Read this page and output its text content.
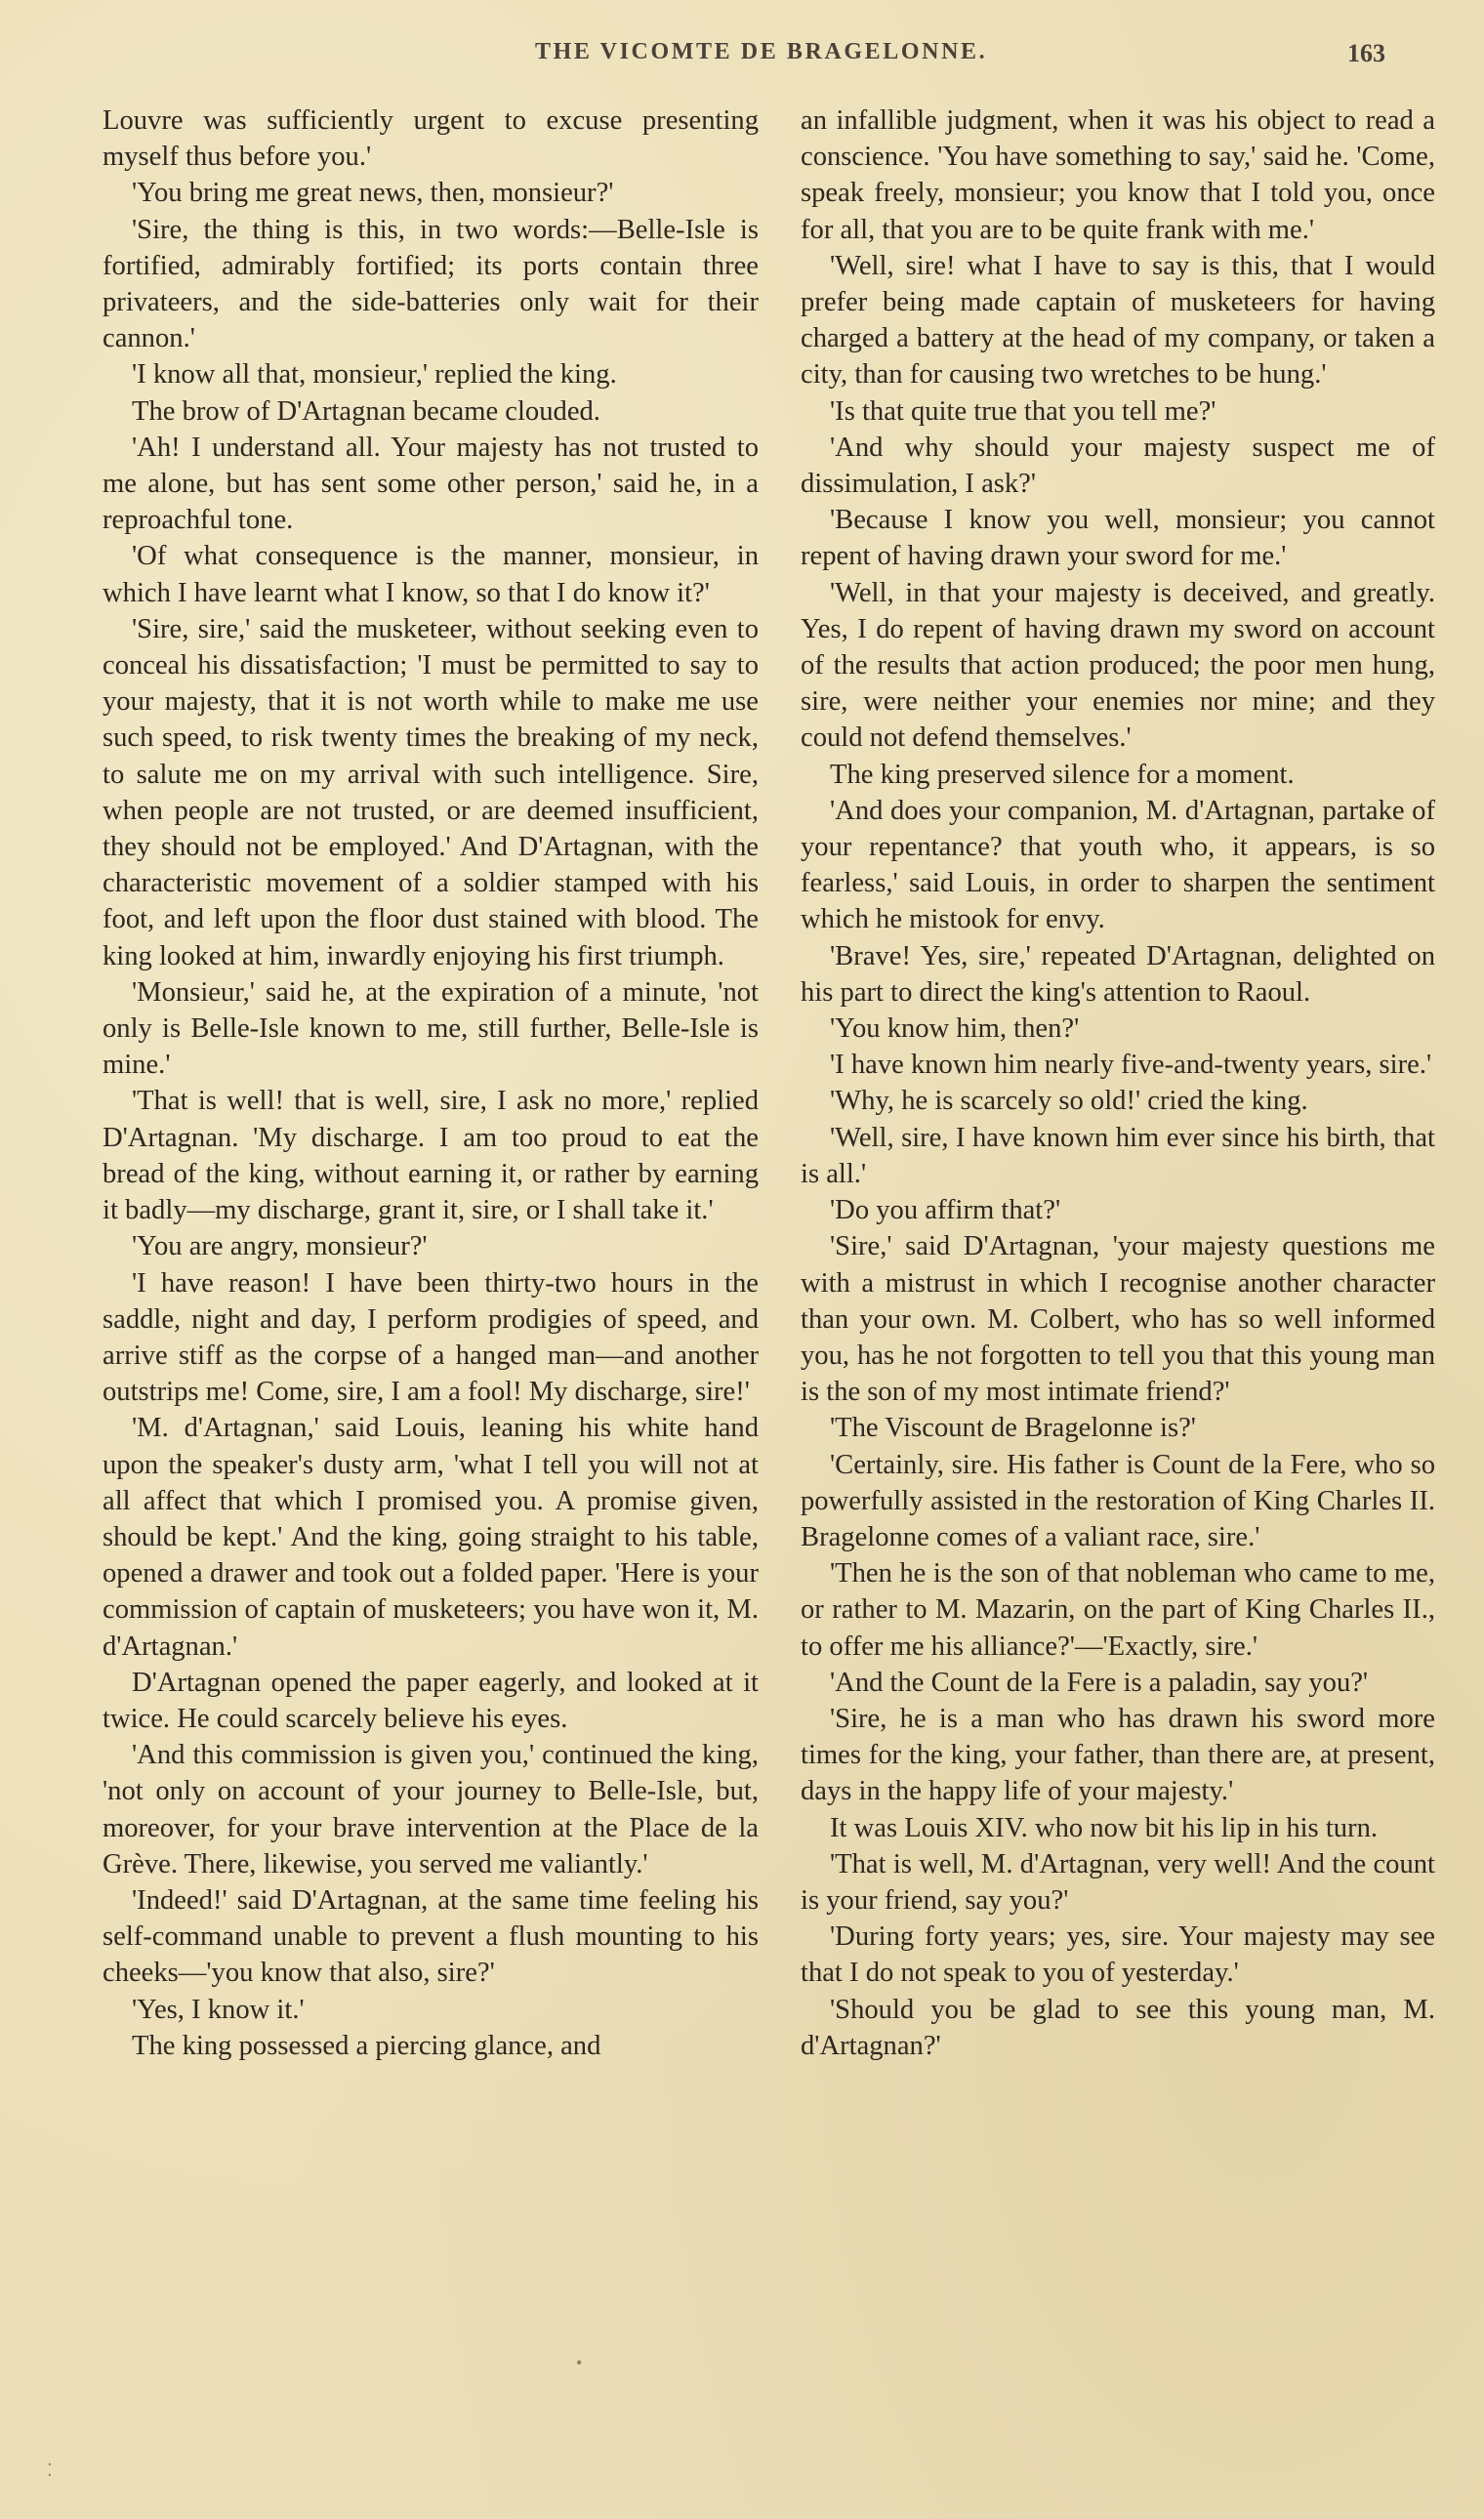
THE VICOMTE DE BRAGELONNE.	163

Louvre was sufficiently urgent to excuse presenting myself thus before you.'

'You bring me great news, then, monsieur?'

'Sire, the thing is this, in two words:—Belle-Isle is fortified, admirably fortified; its ports contain three privateers, and the side-batteries only wait for their cannon.'

'I know all that, monsieur,' replied the king.

The brow of D'Artagnan became clouded.

'Ah! I understand all. Your majesty has not trusted to me alone, but has sent some other person,' said he, in a reproachful tone.

'Of what consequence is the manner, monsieur, in which I have learnt what I know, so that I do know it?'

'Sire, sire,' said the musketeer, without seeking even to conceal his dissatisfaction; 'I must be permitted to say to your majesty, that it is not worth while to make me use such speed, to risk twenty times the breaking of my neck, to salute me on my arrival with such intelligence. Sire, when people are not trusted, or are deemed insufficient, they should not be employed.' And D'Artagnan, with the characteristic movement of a soldier stamped with his foot, and left upon the floor dust stained with blood. The king looked at him, inwardly enjoying his first triumph.

'Monsieur,' said he, at the expiration of a minute, 'not only is Belle-Isle known to me, still further, Belle-Isle is mine.'

'That is well! that is well, sire, I ask no more,' replied D'Artagnan. 'My discharge. I am too proud to eat the bread of the king, without earning it, or rather by earning it badly—my discharge, grant it, sire, or I shall take it.'

'You are angry, monsieur?'

'I have reason! I have been thirty-two hours in the saddle, night and day, I perform prodigies of speed, and arrive stiff as the corpse of a hanged man—and another outstrips me! Come, sire, I am a fool! My discharge, sire!'

'M. d'Artagnan,' said Louis, leaning his white hand upon the speaker's dusty arm, 'what I tell you will not at all affect that which I promised you. A promise given, should be kept.' And the king, going straight to his table, opened a drawer and took out a folded paper. 'Here is your commission of captain of musketeers; you have won it, M. d'Artagnan.'

D'Artagnan opened the paper eagerly, and looked at it twice. He could scarcely believe his eyes.

'And this commission is given you,' continued the king, 'not only on account of your journey to Belle-Isle, but, moreover, for your brave intervention at the Place de la Grève. There, likewise, you served me valiantly.'

'Indeed!' said D'Artagnan, at the same time feeling his self-command unable to prevent a flush mounting to his cheeks—'you know that also, sire?'

'Yes, I know it.'

The king possessed a piercing glance, and

an infallible judgment, when it was his object to read a conscience. 'You have something to say,' said he. 'Come, speak freely, monsieur; you know that I told you, once for all, that you are to be quite frank with me.'

'Well, sire! what I have to say is this, that I would prefer being made captain of musketeers for having charged a battery at the head of my company, or taken a city, than for causing two wretches to be hung.'

'Is that quite true that you tell me?'

'And why should your majesty suspect me of dissimulation, I ask?'

'Because I know you well, monsieur; you cannot repent of having drawn your sword for me.'

'Well, in that your majesty is deceived, and greatly. Yes, I do repent of having drawn my sword on account of the results that action produced; the poor men hung, sire, were neither your enemies nor mine; and they could not defend themselves.'

The king preserved silence for a moment.

'And does your companion, M. d'Artagnan, partake of your repentance? that youth who, it appears, is so fearless,' said Louis, in order to sharpen the sentiment which he mistook for envy.

'Brave! Yes, sire,' repeated D'Artagnan, delighted on his part to direct the king's attention to Raoul.

'You know him, then?'

'I have known him nearly five-and-twenty years, sire.'

'Why, he is scarcely so old!' cried the king.

'Well, sire, I have known him ever since his birth, that is all.'

'Do you affirm that?'

'Sire,' said D'Artagnan, 'your majesty questions me with a mistrust in which I recognise another character than your own. M. Colbert, who has so well informed you, has he not forgotten to tell you that this young man is the son of my most intimate friend?'

'The Viscount de Bragelonne is?'

'Certainly, sire. His father is Count de la Fere, who so powerfully assisted in the restoration of King Charles II. Bragelonne comes of a valiant race, sire.'

'Then he is the son of that nobleman who came to me, or rather to M. Mazarin, on the part of King Charles II., to offer me his alliance?'—'Exactly, sire.'

'And the Count de la Fere is a paladin, say you?'

'Sire, he is a man who has drawn his sword more times for the king, your father, than there are, at present, days in the happy life of your majesty.'

It was Louis XIV. who now bit his lip in his turn.

'That is well, M. d'Artagnan, very well! And the count is your friend, say you?'

'During forty years; yes, sire. Your majesty may see that I do not speak to you of yesterday.'

'Should you be glad to see this young man, M. d'Artagnan?'

•
⁚
